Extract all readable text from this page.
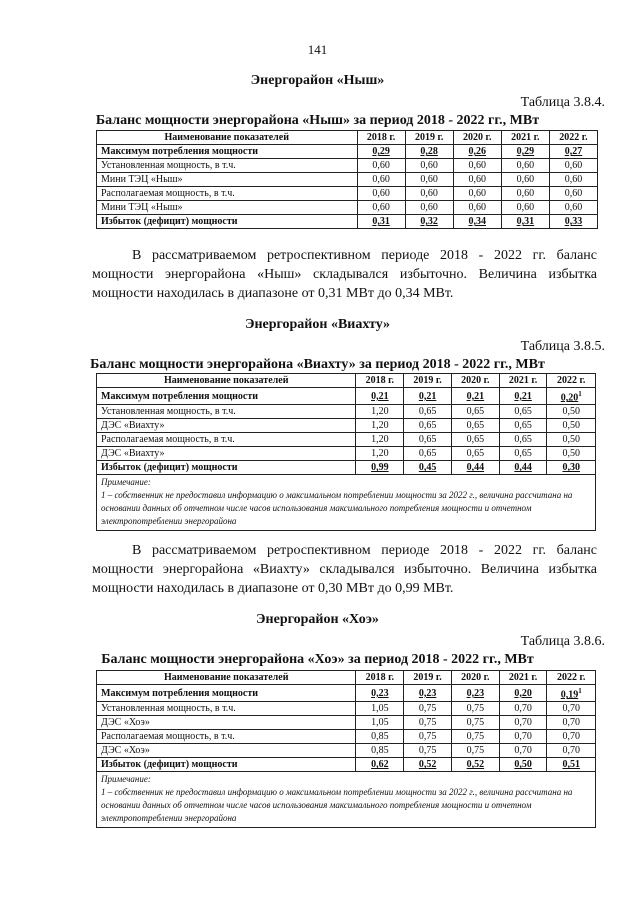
141
Энергорайон «Ныш»
Таблица 3.8.4.
Баланс мощности энергорайона «Ныш» за период 2018 - 2022 гг., МВт
Наименование показателей	2018 г.	2019 г.	2020 г.	2021 г.	2022 г.
Максимум потребления мощности	0,29	0,28	0,26	0,29	0,27
Установленная мощность, в т.ч.	0,60	0,60	0,60	0,60	0,60
Мини ТЭЦ «Ныш»	0,60	0,60	0,60	0,60	0,60
Располагаемая мощность, в т.ч.	0,60	0,60	0,60	0,60	0,60
Мини ТЭЦ «Ныш»	0,60	0,60	0,60	0,60	0,60
Избыток (дефицит) мощности	0,31	0,32	0,34	0,31	0,33
В рассматриваемом ретроспективном периоде 2018 - 2022 гг. баланс мощности энергорайона «Ныш» складывался избыточно. Величина избытка мощности находилась в диапазоне от 0,31 МВт до 0,34 МВт.
Энергорайон «Виахту»
Таблица 3.8.5.
Баланс мощности энергорайона «Виахту» за период 2018 - 2022 гг., МВт
Наименование показателей	2018 г.	2019 г.	2020 г.	2021 г.	2022 г.
Максимум потребления мощности	0,21	0,21	0,21	0,21	0,20$^1$
Установленная мощность, в т.ч.	1,20	0,65	0,65	0,65	0,50
ДЭС «Виахту»	1,20	0,65	0,65	0,65	0,50
Располагаемая мощность, в т.ч.	1,20	0,65	0,65	0,65	0,50
ДЭС «Виахту»	1,20	0,65	0,65	0,65	0,50
Избыток (дефицит) мощности	0,99	0,45	0,44	0,44	0,30

Примечание:
1 – собственник не предоставил информацию о максимальном потреблении мощности за 2022 г., величина рассчитана на основании данных об отчетном числе часов использования максимального потребления мощности и отчетном электропотреблении энергорайона					
В рассматриваемом ретроспективном периоде 2018 - 2022 гг. баланс мощности энергорайона «Виахту» складывался избыточно. Величина избытка мощности находилась в диапазоне от 0,30 МВт до 0,99 МВт.
Энергорайон «Хоэ»
Таблица 3.8.6.
Баланс мощности энергорайона «Хоэ» за период 2018 - 2022 гг., МВт
Наименование показателей	2018 г.	2019 г.	2020 г.	2021 г.	2022 г.
Максимум потребления мощности	0,23	0,23	0,23	0,20	0,19$^1$
Установленная мощность, в т.ч.	1,05	0,75	0,75	0,70	0,70
ДЭС «Хоэ»	1,05	0,75	0,75	0,70	0,70
Располагаемая мощность, в т.ч.	0,85	0,75	0,75	0,70	0,70
ДЭС «Хоэ»	0,85	0,75	0,75	0,70	0,70
Избыток (дефицит) мощности	0,62	0,52	0,52	0,50	0,51

Примечание:
1 – собственник не предоставил информацию о максимальном потреблении мощности за 2022 г., величина рассчитана на основании данных об отчетном числе часов использования максимального потребления мощности и отчетном электропотреблении энергорайона					
